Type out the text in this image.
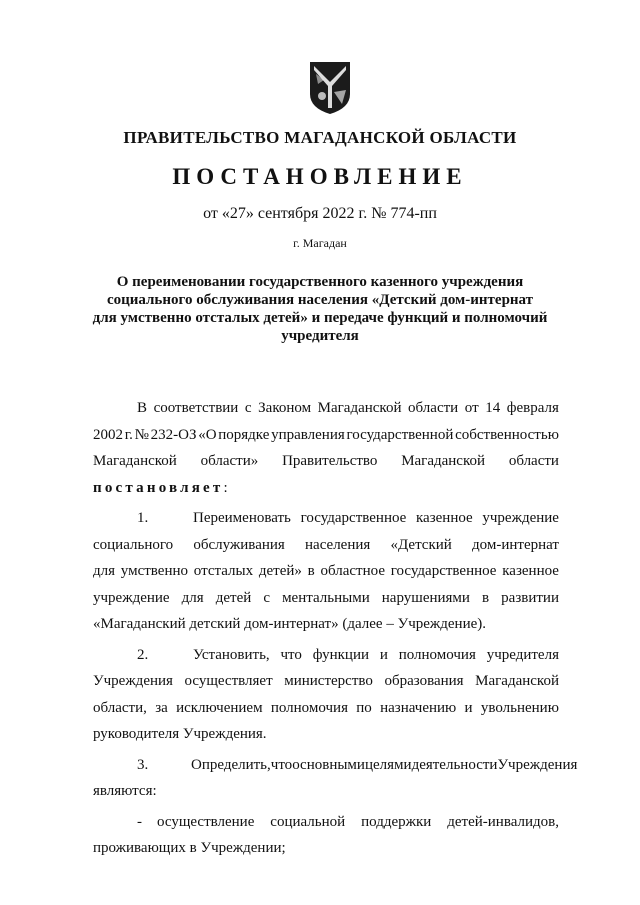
ПРАВИТЕЛЬСТВО МАГАДАНСКОЙ ОБЛАСТИ
ПОСТАНОВЛЕНИЕ
от «27» сентября 2022 г. № 774-пп
г. Магадан
О переименовании государственного казенного учреждения
социального обслуживания населения «Детский дом-интернат
для умственно отсталых детей» и передаче функций и полномочий
учредителя
В соответствии с Законом Магаданской области от 14 февраля
2002 г. № 232-ОЗ «О порядке управления государственной собственностью
Магаданской области» Правительство Магаданской области
постановляет :
1.	Переименовать государственное казенное учреждение
социального обслуживания населения «Детский дом-интернат
для умственно отсталых детей» в областное государственное казенное
учреждение для детей с ментальными нарушениями в развитии
«Магаданский детский дом-интернат» (далее – Учреждение).
2.	Установить, что функции и полномочия учредителя
Учреждения осуществляет министерство образования Магаданской
области, за исключением полномочия по назначению и увольнению
руководителя Учреждения.
3.	Определить, что основными целями деятельности Учреждения
являются:
-	осуществление социальной поддержки детей-инвалидов,
проживающих в Учреждении;
